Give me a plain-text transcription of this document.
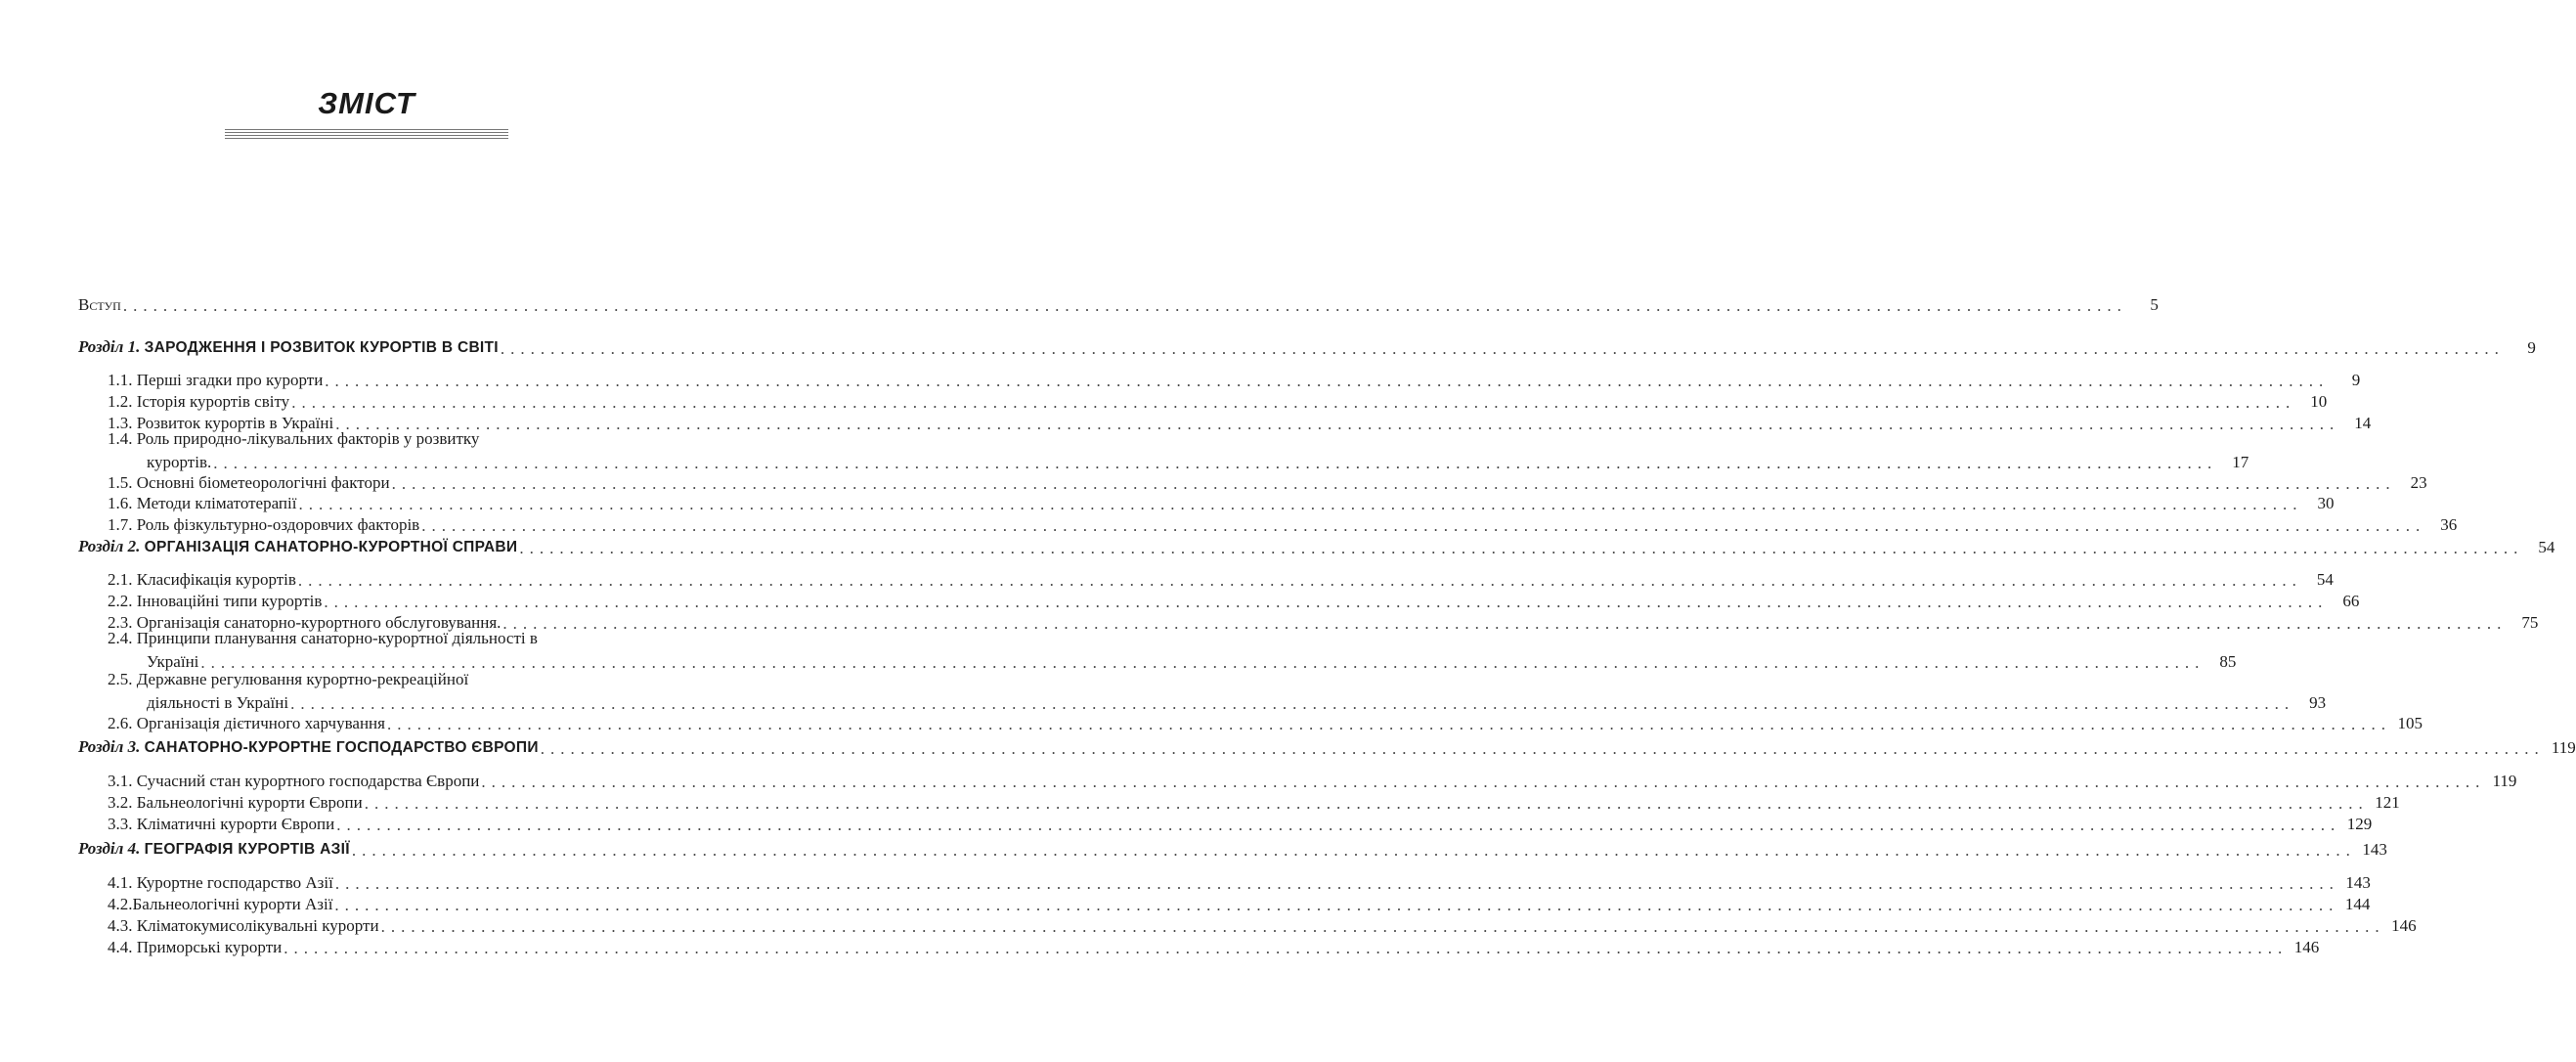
ЗМІСТ
Вступ ........................................................................................................................................................................................................	5
Розділ 1. ЗАРОДЖЕННЯ І РОЗВИТОК КУРОРТІВ В СВІТІ ........................................................................................................................................................................................................	9
1.1. Перші згадки про курорти ........................................................................................................................................................................................................	9
1.2. Історія курортів світу ........................................................................................................................................................................................................ 10
1.3. Розвиток курортів в Україні ........................................................................................................................................................................................................ 14
1.4. Роль природно-лікувальних факторів у розвитку
курортів. ........................................................................................................................................................................................................ 17
1.5. Основні біометеорологічні фактори ........................................................................................................................................................................................................ 23
1.6. Методи кліматотерапії ........................................................................................................................................................................................................ 30
1.7. Роль фізкультурно-оздоровчих факторів ........................................................................................................................................................................................................ 36
Розділ 2. ОРГАНІЗАЦІЯ САНАТОРНО-КУРОРТНОЇ СПРАВИ ........................................................................................................................................................................................................ 54
2.1. Класифікація курортів ........................................................................................................................................................................................................ 54
2.2. Інноваційні типи курортів ........................................................................................................................................................................................................ 66
2.3. Організація санаторно-курортного обслуговування. ........................................................................................................................................................................................................ 75
2.4. Принципи планування санаторно-курортної діяльності в
Україні ........................................................................................................................................................................................................ 85
2.5. Державне регулювання курортно-рекреаційної
діяльності в Україні ........................................................................................................................................................................................................ 93
2.6. Організація дієтичного харчування ........................................................................................................................................................................................................ 105
Розділ 3. САНАТОРНО-КУРОРТНЕ ГОСПОДАРСТВО ЄВРОПИ ........................................................................................................................................................................................................ 119
3.1. Сучасний стан курортного господарства Європи ........................................................................................................................................................................................................ 119
3.2. Бальнеологічні курорти Європи ........................................................................................................................................................................................................ 121
3.3. Кліматичні курорти Європи ........................................................................................................................................................................................................ 129
Розділ 4. ГЕОГРАФІЯ КУРОРТІВ АЗІЇ ........................................................................................................................................................................................................ 143
4.1. Курортне господарство Азії ........................................................................................................................................................................................................ 143
4.2.Бальнеологічні курорти Азії ........................................................................................................................................................................................................ 144
4.3. Кліматокумисолікувальні курорти ........................................................................................................................................................................................................ 146
4.4. Приморські курорти ........................................................................................................................................................................................................ 146
